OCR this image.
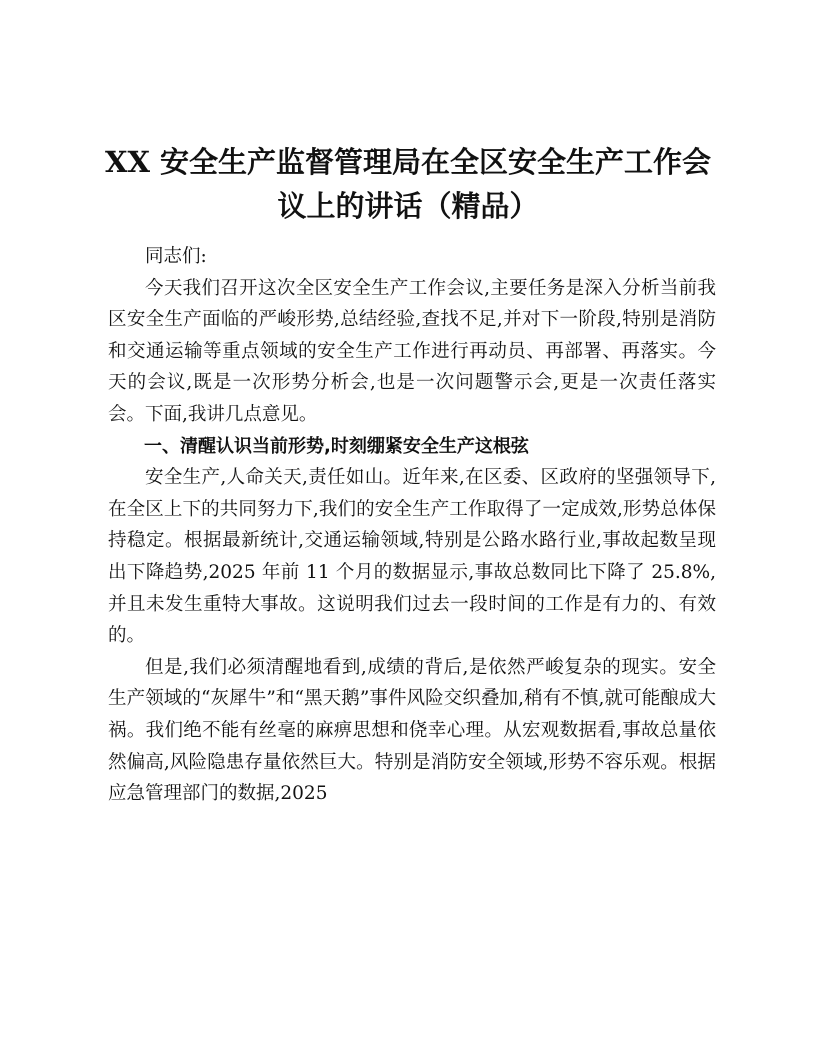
XX 安全生产监督管理局在全区安全生产工作会议上的讲话（精品）

同志们:

今天我们召开这次全区安全生产工作会议,主要任务是深入分析当前我区安全生产面临的严峻形势,总结经验,查找不足,并对下一阶段,特别是消防和交通运输等重点领域的安全生产工作进行再动员、再部署、再落实。今天的会议,既是一次形势分析会,也是一次问题警示会,更是一次责任落实会。下面,我讲几点意见。

一、清醒认识当前形势,时刻绷紧安全生产这根弦

安全生产,人命关天,责任如山。近年来,在区委、区政府的坚强领导下,在全区上下的共同努力下,我们的安全生产工作取得了一定成效,形势总体保持稳定。根据最新统计,交通运输领域,特别是公路水路行业,事故起数呈现出下降趋势,2025 年前 11 个月的数据显示,事故总数同比下降了 25.8%,并且未发生重特大事故。这说明我们过去一段时间的工作是有力的、有效的。

但是,我们必须清醒地看到,成绩的背后,是依然严峻复杂的现实。安全生产领域的“灰犀牛”和“黑天鹅”事件风险交织叠加,稍有不慎,就可能酿成大祸。我们绝不能有丝毫的麻痹思想和侥幸心理。从宏观数据看,事故总量依然偏高,风险隐患存量依然巨大。特别是消防安全领域,形势不容乐观。根据应急管理部门的数据,2025
